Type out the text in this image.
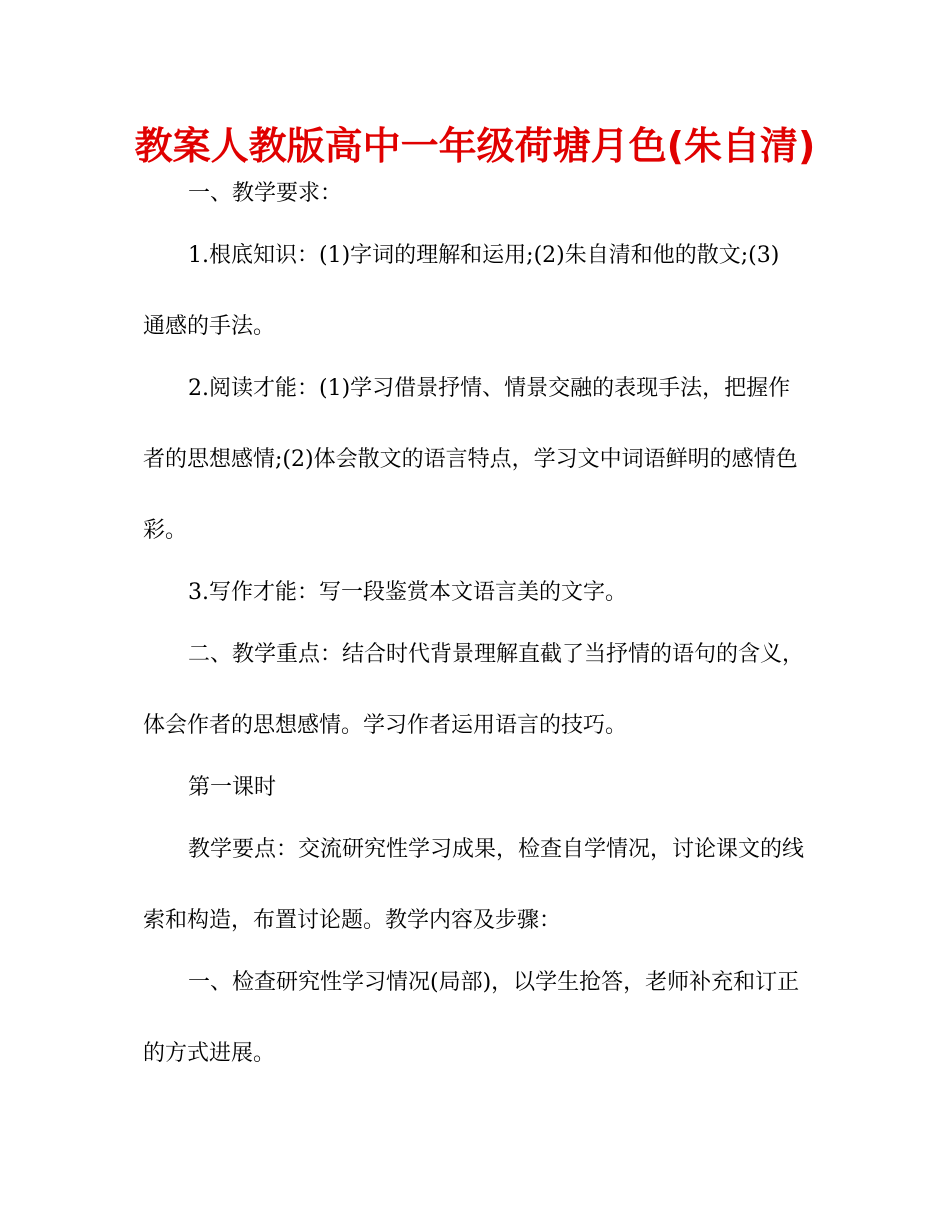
教案人教版高中一年级荷塘月色(朱自清)

一、教学要求：

1.根底知识：(1)字词的理解和运用;(2)朱自清和他的散文;(3)

通感的手法。

2.阅读才能：(1)学习借景抒情、情景交融的表现手法，把握作

者的思想感情;(2)体会散文的语言特点，学习文中词语鲜明的感情色

彩。

3.写作才能：写一段鉴赏本文语言美的文字。

二、教学重点：结合时代背景理解直截了当抒情的语句的含义，

体会作者的思想感情。学习作者运用语言的技巧。

第一课时

教学要点：交流研究性学习成果，检查自学情况，讨论课文的线

索和构造，布置讨论题。教学内容及步骤：

一、检查研究性学习情况(局部)，以学生抢答，老师补充和订正

的方式进展。
